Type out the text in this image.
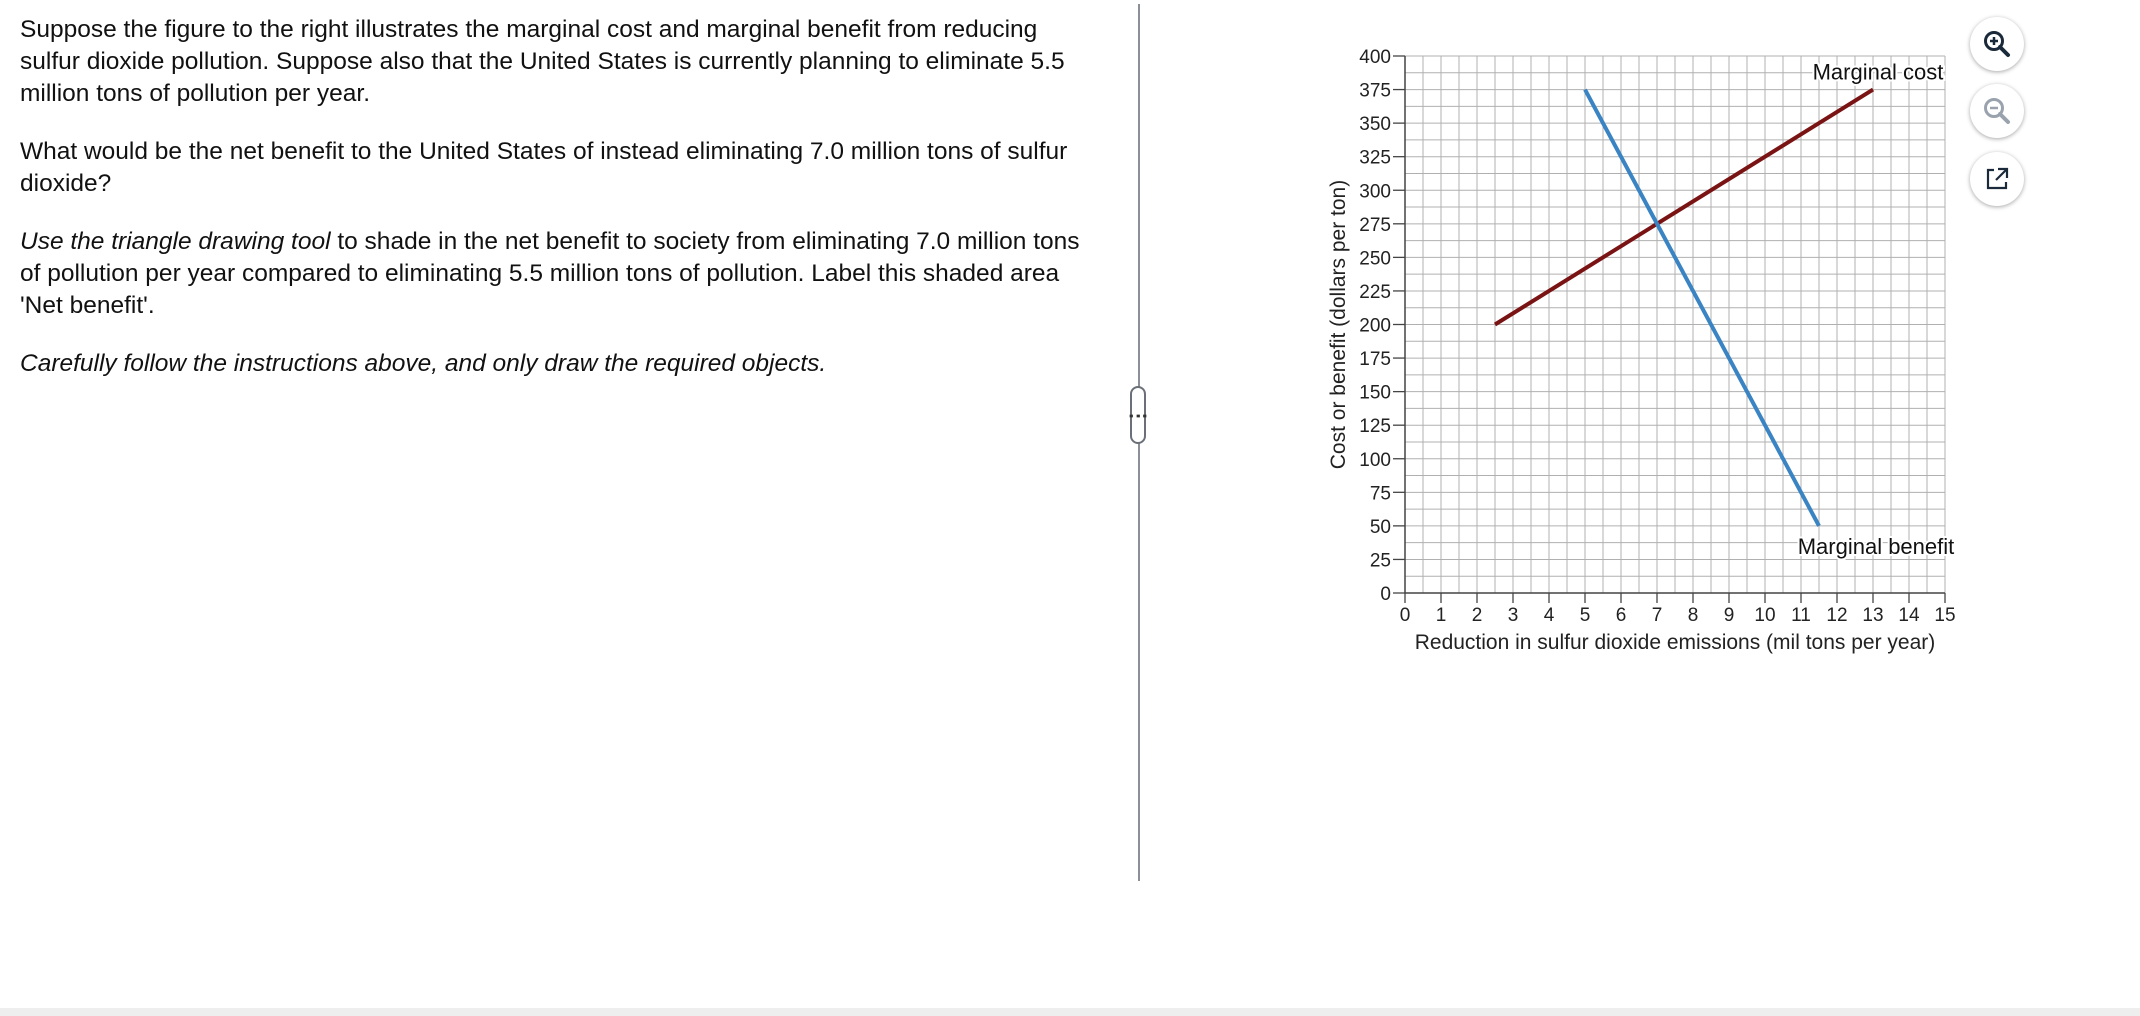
Suppose the figure to the right illustrates the marginal cost and marginal benefit from reducing sulfur dioxide pollution. Suppose also that the United States is currently planning to eliminate 5.5 million tons of pollution per year.

What would be the net benefit to the United States of instead eliminating 7.0 million tons of sulfur dioxide?

Use the triangle drawing tool to shade in the net benefit to society from eliminating 7.0 million tons of pollution per year compared to eliminating 5.5 million tons of pollution. Label this shaded area 'Net benefit'.

Carefully follow the instructions above, and only draw the required objects.

⋮
0
25
50
75
100
125
150
175
200
225
250
275
300
325
350
375
400
0 1 2 3 4 5 6 7 8 9 10 11 12 13 14 15
Reduction in sulfur dioxide emissions (mil tons per year)
Cost or benefit (dollars per ton)
Marginal cost
Marginal benefit
